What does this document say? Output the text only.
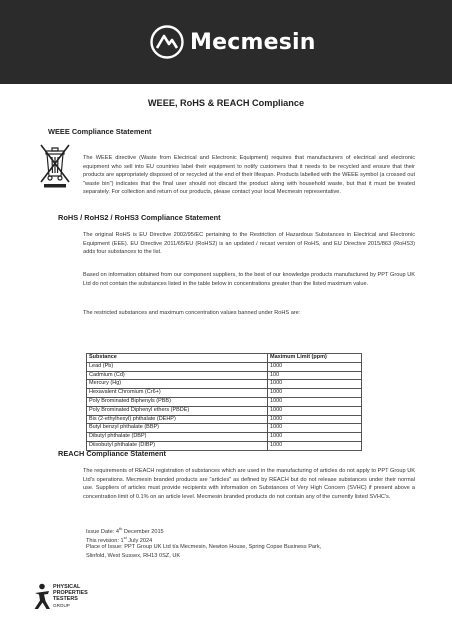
Mecmesin
WEEE, RoHS & REACH Compliance
WEEE Compliance Statement

The WEEE directive (Waste from Electrical and Electronic Equipment) requires that manufacturers of electrical and electronic equipment who sell into EU countries label their equipment to notify customers that it needs to be recycled and ensure that their products are appropriately disposed of or recycled at the end of their lifespan. Products labelled with the WEEE symbol (a crossed out "waste bin") indicates that the final user should not discard the product along with household waste, but that it must be treated separately. For collection and return of our products, please contact your local Mecmesin representative.

RoHS / RoHS2 / RoHS3 Compliance Statement

The original RoHS is EU Directive 2002/95/EC pertaining to the Restriction of Hazardous Substances in Electrical and Electronic Equipment (EEE). EU Directive 2011/65/EU (RoHS2) is an updated / recast version of RoHS, and EU Directive 2015/863 (RoHS3) adds four substances to the list.

Based on information obtained from our component suppliers, to the best of our knowledge products manufactured by PPT Group UK Ltd do not contain the substances listed in the table below in concentrations greater than the listed maximum value.

The restricted substances and maximum concentration values banned under RoHS are:

Substance	Maximum Limit (ppm)
Lead (Pb)	1000
Cadmium (Cd)	100
Mercury (Hg)	1000
Hexavalent Chromium (Cr6+)	1000
Poly Brominated Biphenyls (PBB)	1000
Poly Brominated Diphenyl ethers (PBDE)	1000
Bis (2-ethylhexyl) phthalate (DEHP)	1000
Butyl benzyl phthalate (BBP)	1000
Dibutyl phthalate (DBP)	1000
Diisobutyl phthalate (DIBP)	1000
REACH Compliance Statement

The requirements of REACH registration of substances which are used in the manufacturing of articles do not apply to PPT Group UK Ltd's operations. Mecmesin branded products are "articles" as defined by REACH but do not release substances under their normal use. Suppliers of articles must provide recipients with information on Substances of Very High Concern (SVHC) if present above a concentration limit of 0.1% on an article level. Mecmesin branded products do not contain any of the currently listed SVHC's.

Issue Date: 4th December 2015
This revision: 1st July 2024
Place of Issue: PPT Group UK Ltd t/a Mecmesin, Newton House, Spring Copse Business Park,
Slinfold, West Sussex, RH13 0SZ, UK
PHYSICAL
PROPERTIES
TESTERS
GROUP
